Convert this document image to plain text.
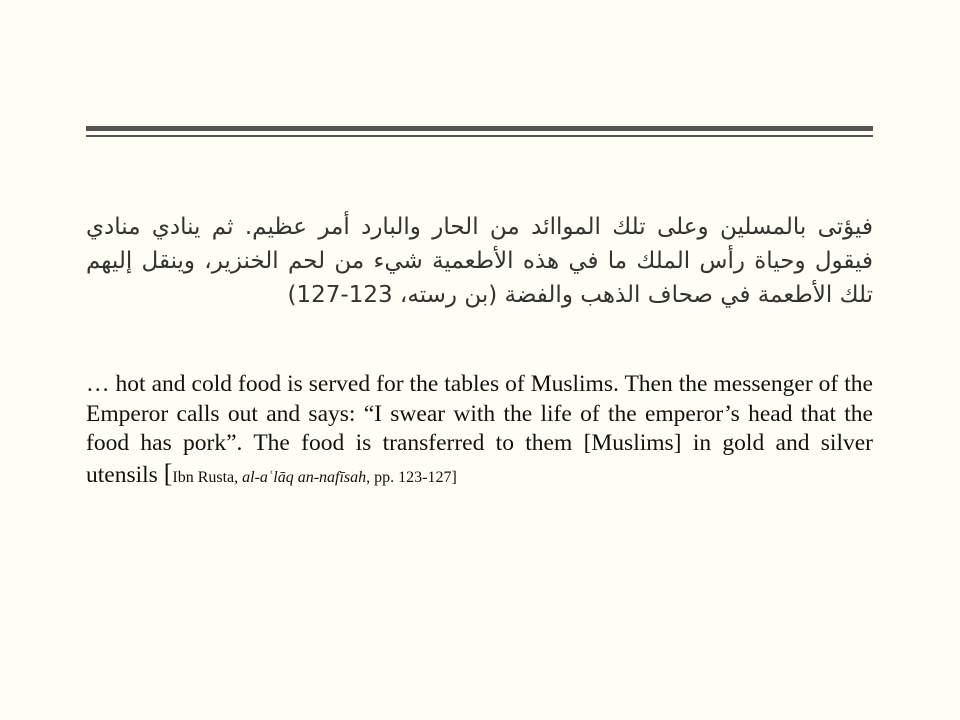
فيؤتى بالمسلين وعلى تلك المواائد من الحار والبارد أمر عظيم. ثم ينادي منادي فيقول وحياة رأس الملك ما في هذه الأطعمية شيء من لحم الخنزير، وينقل إليهم تلك الأطعمة في صحاف الذهب والفضة (بن رسته، 123-127)
… hot and cold food is served for the tables of Muslims. Then the messenger of the Emperor calls out and says: “I swear with the life of the emperor’s head that the food has pork”. The food is transferred to them [Muslims] in gold and silver utensils [Ibn Rusta, al-aʿlāq an-nafīsah, pp. 123-127]
